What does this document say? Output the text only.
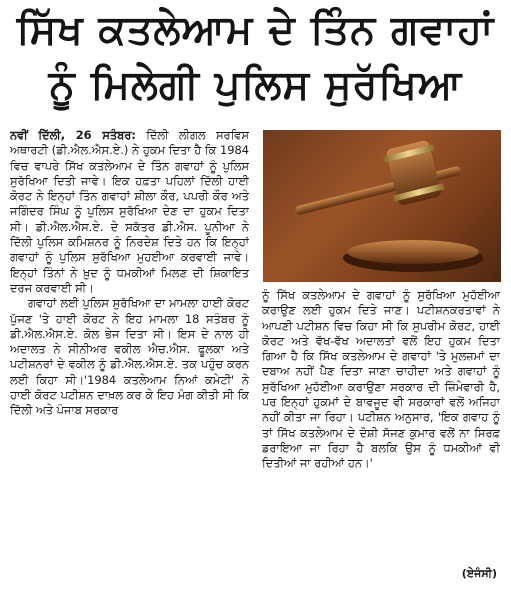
ਸਿੱਖ ਕਤਲੇਆਮ ਦੇ ਤਿੰਨ ਗਵਾਹਾਂ
ਨੂੰ ਮਿਲੇਗੀ ਪੁਲਿਸ ਸੁਰੱਖਿਆ

ਨਵੀਂ ਦਿੱਲੀ, 26 ਸਤੰਬਰ: ਦਿੱਲੀ ਲੀਗਲ ਸਰਵਿਸ ਅਥਾਰਟੀ (ਡੀ.ਐਲ.ਐਸ.ਏ.) ਨੇ ਹੁਕਮ ਦਿਤਾ ਹੈ ਕਿ 1984 ਵਿਚ ਵਾਪਰੇ ਸਿੱਖ ਕਤਲੇਆਮ ਦੇ ਤਿੰਨ ਗਵਾਹਾਂ ਨੂੰ ਪੁਲਿਸ ਸੁਰੱਖਿਆ ਦਿਤੀ ਜਾਵੇ। ਇਕ ਹਫ਼ਤਾ ਪਹਿਲਾਂ ਦਿੱਲੀ ਹਾਈ ਕੋਰਟ ਨੇ ਇਨ੍ਹਾਂ ਤਿੰਨ ਗਵਾਹਾਂ ਸ਼ੀਲਾ ਕੌਰ, ਪਪਰੀ ਕੌਰ ਅਤੇ ਜਗਿੰਦਰ ਸਿੰਘ ਨੂੰ ਪੁਲਿਸ ਸੁਰੱਖਿਆ ਦੇਣ ਦਾ ਹੁਕਮ ਦਿਤਾ ਸੀ। ਡੀ.ਐਲ.ਐਸ.ਏ. ਦੇ ਸਕੱਤਰ ਡੀ.ਐਸ. ਪੂਨੀਆ ਨੇ ਦਿੱਲੀ ਪੁਲਿਸ ਕਮਿਸ਼ਨਰ ਨੂੰ ਨਿਰਦੇਸ਼ ਦਿਤੇ ਹਨ ਕਿ ਇਨ੍ਹਾਂ ਗਵਾਹਾਂ ਨੂੰ ਪੁਲਿਸ ਸੁਰੱਖਿਆ ਮੁਹਈਆ ਕਰਵਾਈ ਜਾਵੇ। ਇਨ੍ਹਾਂ ਤਿੰਨਾਂ ਨੇ ਖ਼ੁਦ ਨੂੰ ਧਮਕੀਆਂ ਮਿਲਣ ਦੀ ਸ਼ਿਕਾਇਤ ਦਰਜ ਕਰਵਾਈ ਸੀ।

ਗਵਾਹਾਂ ਲਈ ਪੁਲਿਸ ਸੁਰੱਖਿਆ ਦਾ ਮਾਮਲਾ ਹਾਈ ਕੋਰਟ ਪੁੱਜਣ 'ਤੇ ਹਾਈ ਕੋਰਟ ਨੇ ਇਹ ਮਾਮਲਾ 18 ਸਤੰਬਰ ਨੂੰ ਡੀ.ਐਲ.ਐਸ.ਏ. ਕੋਲ ਭੇਜ ਦਿਤਾ ਸੀ। ਇਸ ਦੇ ਨਾਲ ਹੀ ਅਦਾਲਤ ਨੇ ਸੀਨੀਅਰ ਵਕੀਲ ਐਚ.ਐਸ. ਫੂਲਕਾ ਅਤੇ ਪਟੀਸ਼ਨਰਾਂ ਦੇ ਵਕੀਲ ਨੂੰ ਡੀ.ਐਲ.ਐਸ.ਏ. ਤਕ ਪਹੁੰਚ ਕਰਨ ਲਈ ਕਿਹਾ ਸੀ।'1984 ਕਤਲੇਆਮ ਨਿਆਂ ਕਮੇਟੀ' ਨੇ ਹਾਈ ਕੋਰਟ ਪਟੀਸ਼ਨ ਦਾਖ਼ਲ ਕਰ ਕੇ ਇਹ ਮੰਗ ਕੀਤੀ ਸੀ ਕਿ ਦਿੱਲੀ ਅਤੇ ਪੰਜਾਬ ਸਰਕਾਰ

ਨੂੰ ਸਿੱਖ ਕਤਲੇਆਮ ਦੇ ਗਵਾਹਾਂ ਨੂੰ ਸੁਰੱਖਿਆ ਮੁਹੱਈਆ ਕਰਾਉਣ ਲਈ ਹੁਕਮ ਦਿਤੇ ਜਾਣ। ਪਟੀਸ਼ਨਕਰਤਾਵਾਂ ਨੇ ਆਪਣੀ ਪਟੀਸ਼ਨ ਵਿਚ ਕਿਹਾ ਸੀ ਕਿ ਸੁਪਰੀਮ ਕੋਰਟ, ਹਾਈ ਕੋਰਟ ਅਤੇ ਵੱਖ-ਵੱਖ ਅਦਾਲਤਾਂ ਵਲੋਂ ਇਹ ਹੁਕਮ ਦਿਤਾ ਗਿਆ ਹੈ ਕਿ ਸਿੱਖ ਕਤਲੇਆਮ ਦੇ ਗਵਾਹਾਂ 'ਤੇ ਮੁਲਜ਼ਮਾਂ ਦਾ ਦਬਾਅ ਨਹੀਂ ਪੈਣ ਦਿਤਾ ਜਾਣਾ ਚਾਹੀਦਾ ਅਤੇ ਗਵਾਹਾਂ ਨੂੰ ਸੁਰੱਖਿਆ ਮੁਹੱਈਆ ਕਰਾਉਣਾ ਸਰਕਾਰ ਦੀ ਜ਼ਿੰਮੇਵਾਰੀ ਹੈ, ਪਰ ਇਨ੍ਹਾਂ ਹੁਕਮਾਂ ਦੇ ਬਾਵਜੂਦ ਵੀ ਸਰਕਾਰਾਂ ਵਲੋਂ ਅਜਿਹਾ ਨਹੀਂ ਕੀਤਾ ਜਾ ਰਿਹਾ। ਪਟੀਸ਼ਨ ਅਨੁਸਾਰ, 'ਇਕ ਗਵਾਹ ਨੂੰ ਤਾਂ ਸਿੱਖ ਕਤਲੇਆਮ ਦੇ ਦੋਸ਼ੀ ਸੱਜਣ ਕੁਮਾਰ ਵਲੋਂ ਨਾ ਸਿਰਫ਼ ਡਰਾਇਆ ਜਾ ਰਿਹਾ ਹੈ ਬਲਕਿ ਉਸ ਨੂੰ ਧਮਕੀਆਂ ਵੀ ਦਿਤੀਆਂ ਜਾ ਰਹੀਆਂ ਹਨ।'

(ਏਜੰਸੀ)
